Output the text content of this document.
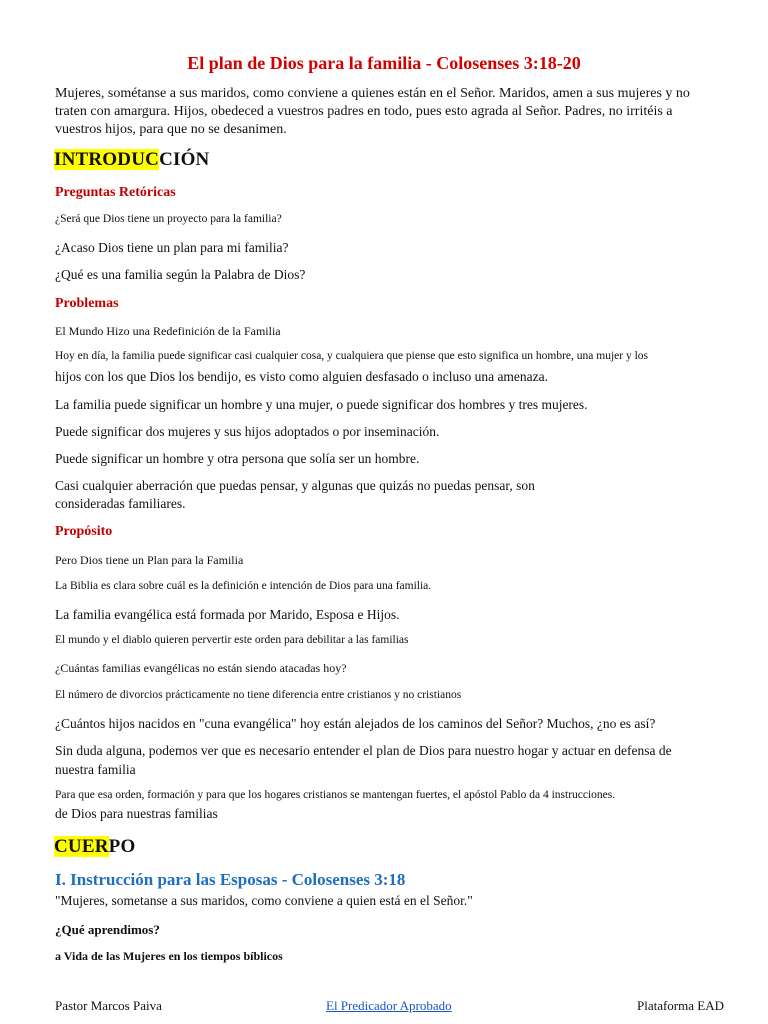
El plan de Dios para la familia - Colosenses 3:18-20
Mujeres, sométanse a sus maridos, como conviene a quienes están en el Señor. Maridos, amen a sus mujeres y no traten con amargura. Hijos, obedeced a vuestros padres en todo, pues esto agrada al Señor. Padres, no irritéis a vuestros hijos, para que no se desanimen.
INTRODUCCIÓN
Preguntas Retóricas
¿Será que Dios tiene un proyecto para la familia?
¿Acaso Dios tiene un plan para mi familia?
¿Qué es una familia según la Palabra de Dios?
Problemas
El Mundo Hizo una Redefinición de la Familia
Hoy en día, la familia puede significar casi cualquier cosa, y cualquiera que piense que esto significa un hombre, una mujer y los
hijos con los que Dios los bendijo, es visto como alguien desfasado o incluso una amenaza.
La familia puede significar un hombre y una mujer, o puede significar dos hombres y tres mujeres.
Puede significar dos mujeres y sus hijos adoptados o por inseminación.
Puede significar un hombre y otra persona que solía ser un hombre.
Casi cualquier aberración que puedas pensar, y algunas que quizás no puedas pensar, son
consideradas familiares.
Propósito
Pero Dios tiene un Plan para la Familia
La Biblia es clara sobre cuál es la definición e intención de Dios para una familia.
La familia evangélica está formada por Marido, Esposa e Hijos.
El mundo y el diablo quieren pervertir este orden para debilitar a las familias
¿Cuántas familias evangélicas no están siendo atacadas hoy?
El número de divorcios prácticamente no tiene diferencia entre cristianos y no cristianos
¿Cuántos hijos nacidos en "cuna evangélica" hoy están alejados de los caminos del Señor? Muchos, ¿no es así?
Sin duda alguna, podemos ver que es necesario entender el plan de Dios para nuestro hogar y actuar en defensa de
nuestra familia
Para que esa orden, formación y para que los hogares cristianos se mantengan fuertes, el apóstol Pablo da 4 instrucciones.
de Dios para nuestras familias
CUERPO
I. Instrucción para las Esposas - Colosenses 3:18
"Mujeres, sometanse a sus maridos, como conviene a quien está en el Señor."
¿Qué aprendimos?
a Vida de las Mujeres en los tiempos bíblicos
Pastor Marcos Paiva	El Predicador Aprobado	Plataforma EAD
